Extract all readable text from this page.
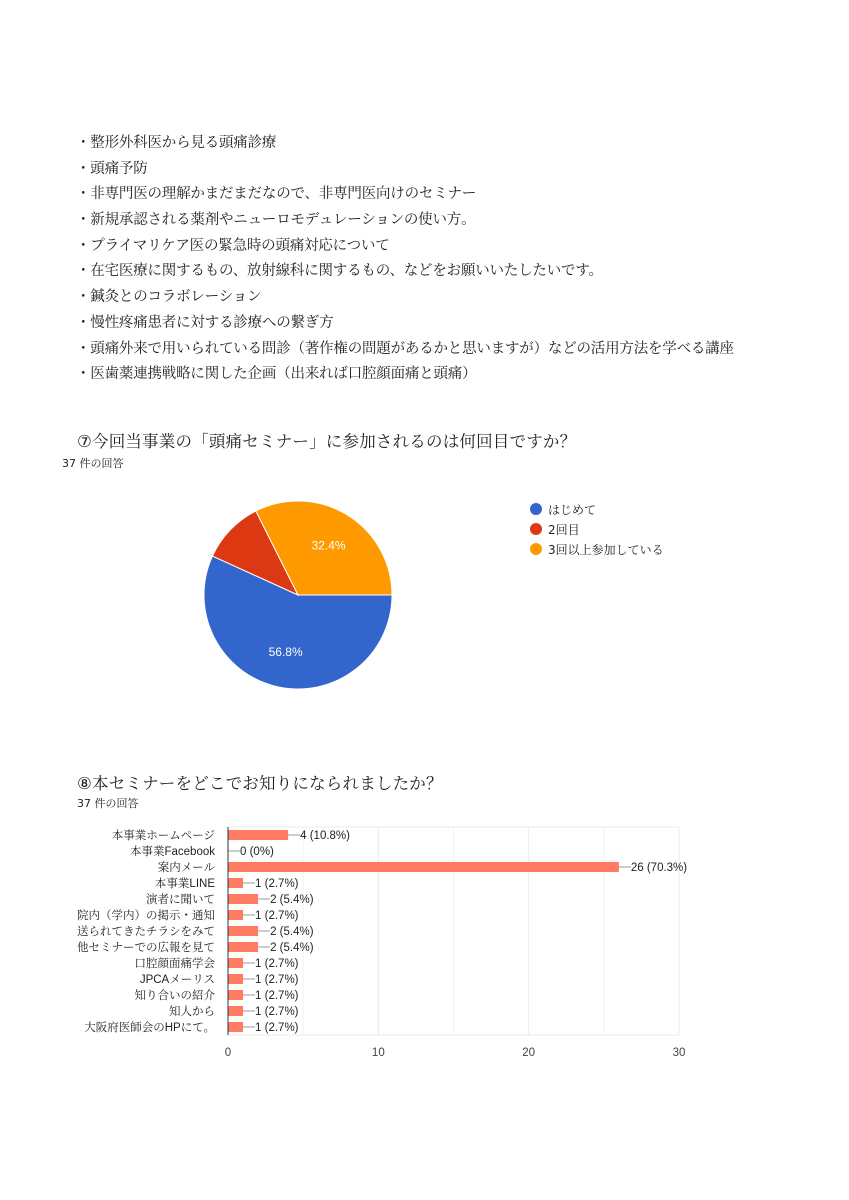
・整形外科医から見る頭痛診療
・頭痛予防
・非専門医の理解かまだまだなので、非専門医向けのセミナー
・新規承認される薬剤やニューロモデュレーションの使い方。
・プライマリケア医の緊急時の頭痛対応について
・在宅医療に関するもの、放射線科に関するもの、などをお願いいたしたいです。
・鍼灸とのコラボレーション
・慢性疼痛患者に対する診療への繋ぎ方
・頭痛外来で用いられている問診（著作権の問題があるかと思いますが）などの活用方法を学べる講座
・医歯薬連携戦略に関した企画（出来れば口腔顔面痛と頭痛）
⑦今回当事業の「頭痛セミナー」に参加されるのは何回目ですか？
37 件の回答
はじめて
2回目
3回以上参加している
⑧本セミナーをどこでお知りになられましたか？
37 件の回答
56.8%
32.4%
4 (10.8%)
本事業ホームページ
0 (0%)
本事業Facebook
26 (70.3%)
案内メール
1 (2.7%)
本事業LINE
2 (5.4%)
演者に聞いて
1 (2.7%)
院内（学内）の掲示・通知
2 (5.4%)
送られてきたチラシをみて
2 (5.4%)
他セミナーでの広報を見て
1 (2.7%)
口腔顔面痛学会
1 (2.7%)
JPCAメーリス
1 (2.7%)
知り合いの紹介
1 (2.7%)
知人から
1 (2.7%)
大阪府医師会のHPにて。
0	10	20	30
